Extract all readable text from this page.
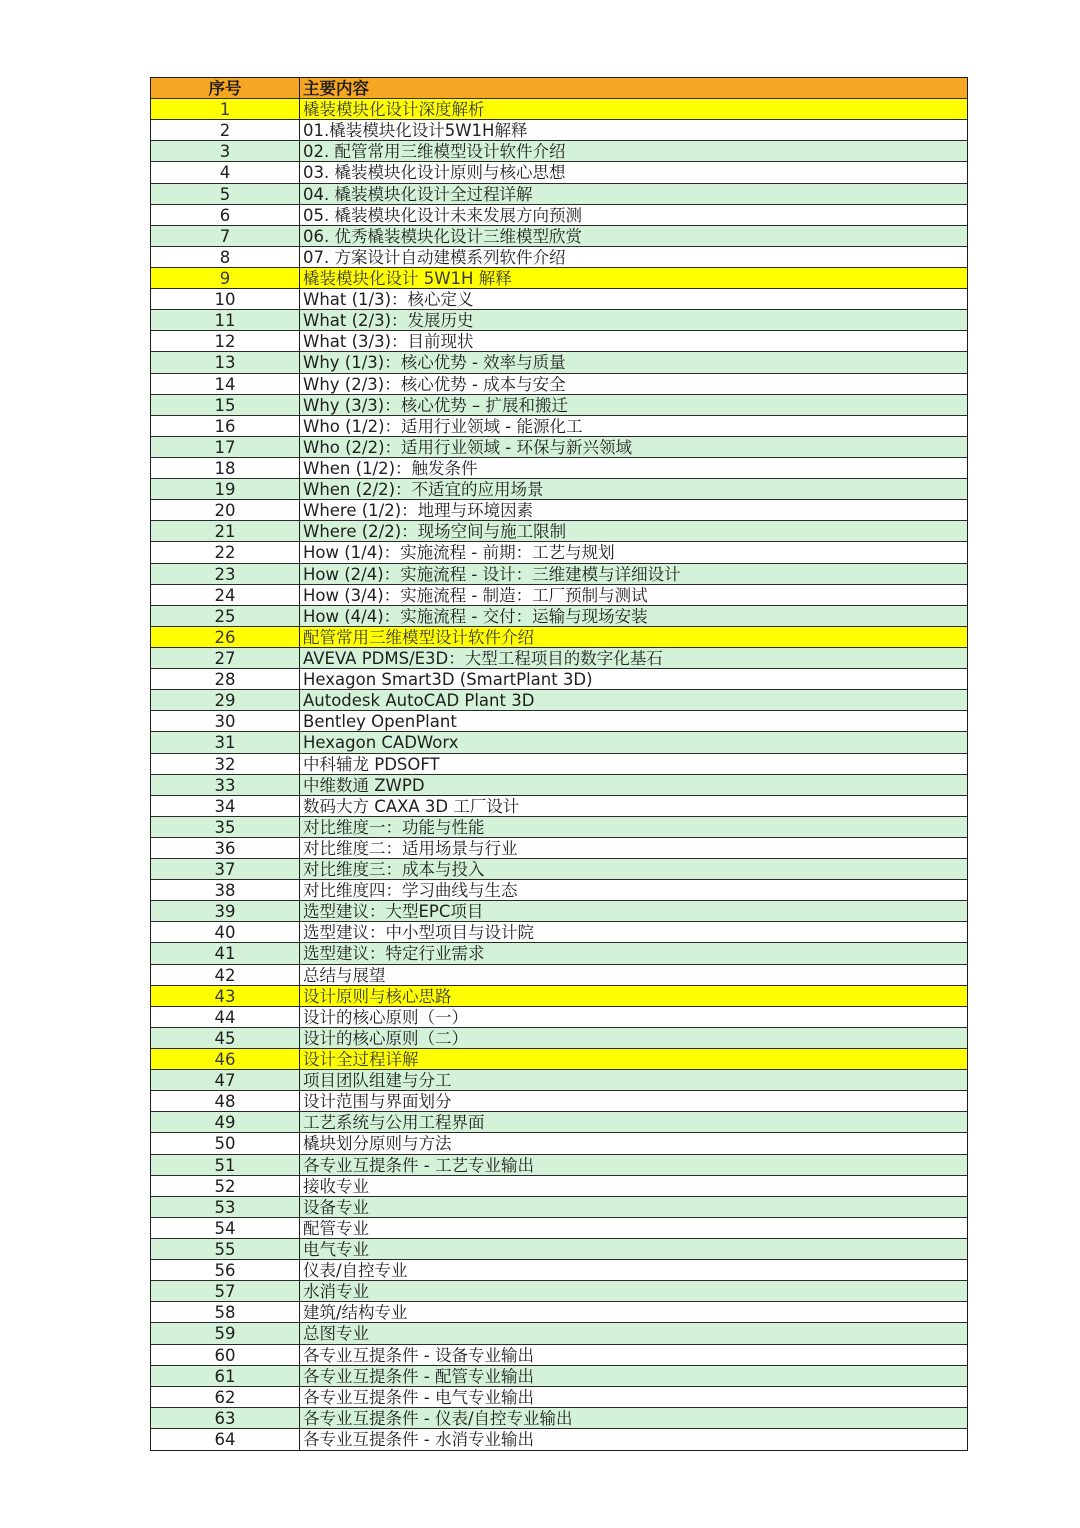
序号	主要内容
1	橇装模块化设计深度解析
2	01.橇装模块化设计5W1H解释
3	02. 配管常用三维模型设计软件介绍
4	03. 橇装模块化设计原则与核心思想
5	04. 橇装模块化设计全过程详解
6	05. 橇装模块化设计未来发展方向预测
7	06. 优秀橇装模块化设计三维模型欣赏
8	07. 方案设计自动建模系列软件介绍
9	橇装模块化设计 5W1H 解释
10	What (1/3)：核心定义
11	What (2/3)：发展历史
12	What (3/3)：目前现状
13	Why (1/3)：核心优势 - 效率与质量
14	Why (2/3)：核心优势 - 成本与安全
15	Why (3/3)：核心优势 – 扩展和搬迁
16	Who (1/2)：适用行业领域 - 能源化工
17	Who (2/2)：适用行业领域 - 环保与新兴领域
18	When (1/2)：触发条件
19	When (2/2)：不适宜的应用场景
20	Where (1/2)：地理与环境因素
21	Where (2/2)：现场空间与施工限制
22	How (1/4)：实施流程 - 前期：工艺与规划
23	How (2/4)：实施流程 - 设计：三维建模与详细设计
24	How (3/4)：实施流程 - 制造：工厂预制与测试
25	How (4/4)：实施流程 - 交付：运输与现场安装
26	配管常用三维模型设计软件介绍
27	AVEVA PDMS/E3D：大型工程项目的数字化基石
28	Hexagon Smart3D (SmartPlant 3D)
29	Autodesk AutoCAD Plant 3D
30	Bentley OpenPlant
31	Hexagon CADWorx
32	中科辅龙 PDSOFT
33	中维数通 ZWPD
34	数码大方 CAXA 3D 工厂设计
35	对比维度一：功能与性能
36	对比维度二：适用场景与行业
37	对比维度三：成本与投入
38	对比维度四：学习曲线与生态
39	选型建议：大型EPC项目
40	选型建议：中小型项目与设计院
41	选型建议：特定行业需求
42	总结与展望
43	设计原则与核心思路
44	设计的核心原则（一）
45	设计的核心原则（二）
46	设计全过程详解
47	项目团队组建与分工
48	设计范围与界面划分
49	工艺系统与公用工程界面
50	橇块划分原则与方法
51	各专业互提条件 - 工艺专业输出
52	接收专业
53	设备专业
54	配管专业
55	电气专业
56	仪表/自控专业
57	水消专业
58	建筑/结构专业
59	总图专业
60	各专业互提条件 - 设备专业输出
61	各专业互提条件 - 配管专业输出
62	各专业互提条件 - 电气专业输出
63	各专业互提条件 - 仪表/自控专业输出
64	各专业互提条件 - 水消专业输出
